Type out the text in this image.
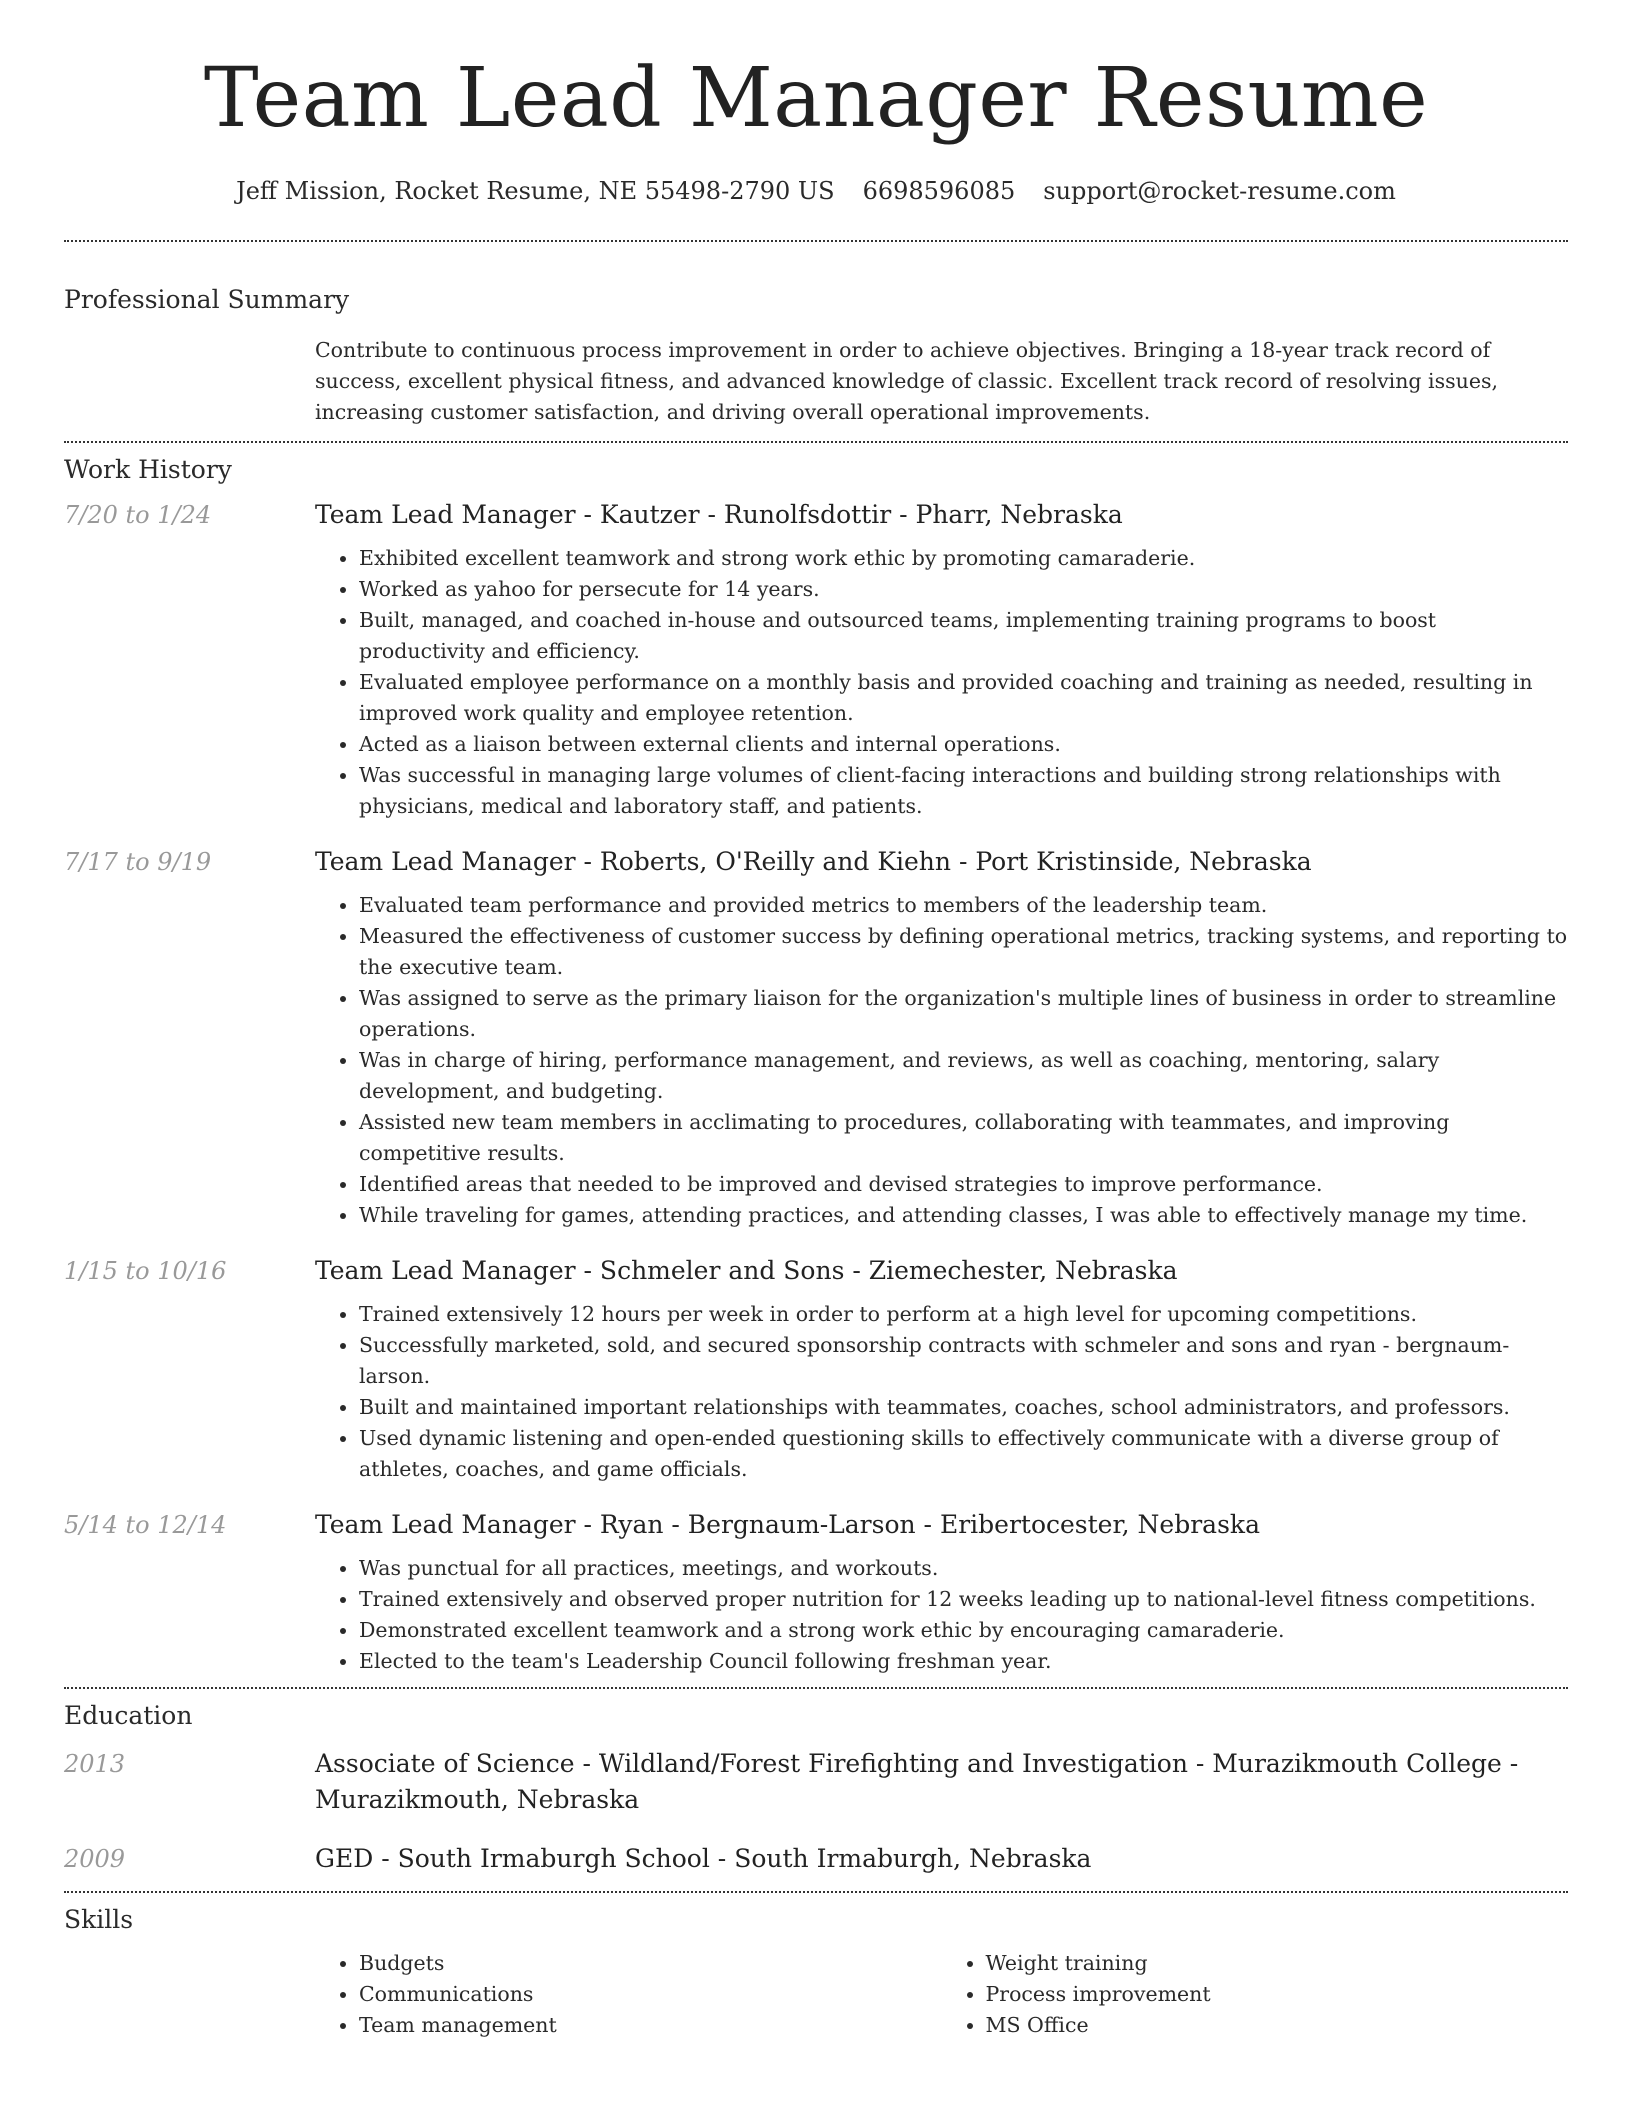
Team Lead Manager Resume
Jeff Mission, Rocket Resume, NE 55498-2790 US 6698596085 support@rocket-resume.com
Professional Summary
Contribute to continuous process improvement in order to achieve objectives. Bringing a 18-year track record of success, excellent physical fitness, and advanced knowledge of classic. Excellent track record of resolving issues, increasing customer satisfaction, and driving overall operational improvements.
Work History
7/20 to 1/24	Team Lead Manager - Kautzer - Runolfsdottir - Pharr, Nebraska
• Exhibited excellent teamwork and strong work ethic by promoting camaraderie.
• Worked as yahoo for persecute for 14 years.
• Built, managed, and coached in-house and outsourced teams, implementing training programs to boost productivity and efficiency.
• Evaluated employee performance on a monthly basis and provided coaching and training as needed, resulting in improved work quality and employee retention.
• Acted as a liaison between external clients and internal operations.
• Was successful in managing large volumes of client-facing interactions and building strong relationships with physicians, medical and laboratory staff, and patients.
7/17 to 9/19	Team Lead Manager - Roberts, O'Reilly and Kiehn - Port Kristinside, Nebraska
• Evaluated team performance and provided metrics to members of the leadership team.
• Measured the effectiveness of customer success by defining operational metrics, tracking systems, and reporting to the executive team.
• Was assigned to serve as the primary liaison for the organization's multiple lines of business in order to streamline operations.
• Was in charge of hiring, performance management, and reviews, as well as coaching, mentoring, salary development, and budgeting.
• Assisted new team members in acclimating to procedures, collaborating with teammates, and improving competitive results.
• Identified areas that needed to be improved and devised strategies to improve performance.
• While traveling for games, attending practices, and attending classes, I was able to effectively manage my time.
1/15 to 10/16	Team Lead Manager - Schmeler and Sons - Ziemechester, Nebraska
• Trained extensively 12 hours per week in order to perform at a high level for upcoming competitions.
• Successfully marketed, sold, and secured sponsorship contracts with schmeler and sons and ryan - bergnaum-larson.
• Built and maintained important relationships with teammates, coaches, school administrators, and professors.
• Used dynamic listening and open-ended questioning skills to effectively communicate with a diverse group of athletes, coaches, and game officials.
5/14 to 12/14	Team Lead Manager - Ryan - Bergnaum-Larson - Eribertocester, Nebraska
• Was punctual for all practices, meetings, and workouts.
• Trained extensively and observed proper nutrition for 12 weeks leading up to national-level fitness competitions.
• Demonstrated excellent teamwork and a strong work ethic by encouraging camaraderie.
• Elected to the team's Leadership Council following freshman year.
Education
2013	Associate of Science - Wildland/Forest Firefighting and Investigation - Murazikmouth College - Murazikmouth, Nebraska
2009	GED - South Irmaburgh School - South Irmaburgh, Nebraska
Skills
• Budgets
• Communications
• Team management
• Weight training
• Process improvement
• MS Office
